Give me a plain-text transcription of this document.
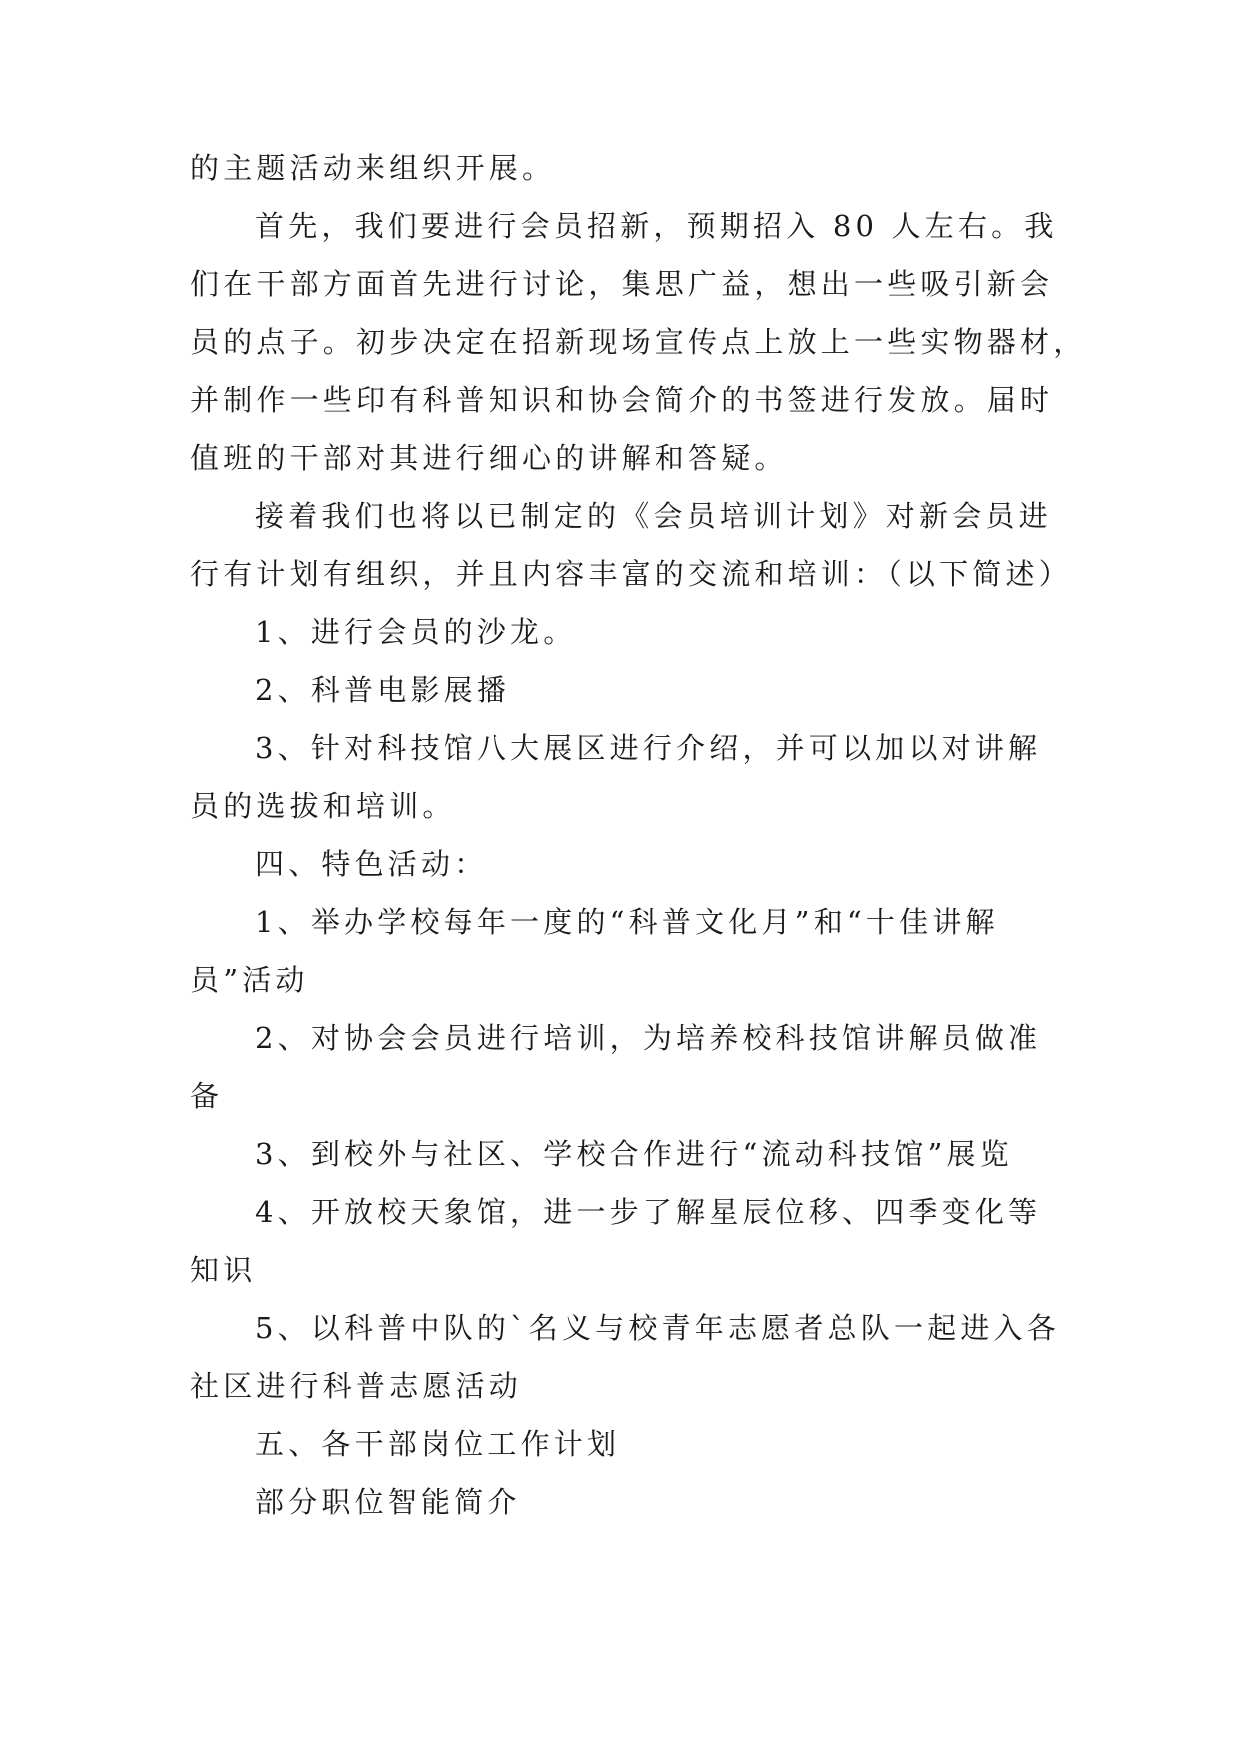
的主题活动来组织开展。
首先，我们要进行会员招新，预期招入 80 人左右。我
们在干部方面首先进行讨论，集思广益，想出一些吸引新会
员的点子。初步决定在招新现场宣传点上放上一些实物器材，
并制作一些印有科普知识和协会简介的书签进行发放。届时
值班的干部对其进行细心的讲解和答疑。
接着我们也将以已制定的《会员培训计划》对新会员进
行有计划有组织，并且内容丰富的交流和培训：（以下简述）
1、进行会员的沙龙。
2、科普电影展播
3、针对科技馆八大展区进行介绍，并可以加以对讲解
员的选拔和培训。
四、特色活动：
1、举办学校每年一度的“科普文化月”和“十佳讲解
员”活动
2、对协会会员进行培训，为培养校科技馆讲解员做准
备
3、到校外与社区、学校合作进行“流动科技馆”展览
4、开放校天象馆，进一步了解星辰位移、四季变化等
知识
5、以科普中队的`名义与校青年志愿者总队一起进入各
社区进行科普志愿活动
五、各干部岗位工作计划
部分职位智能简介
